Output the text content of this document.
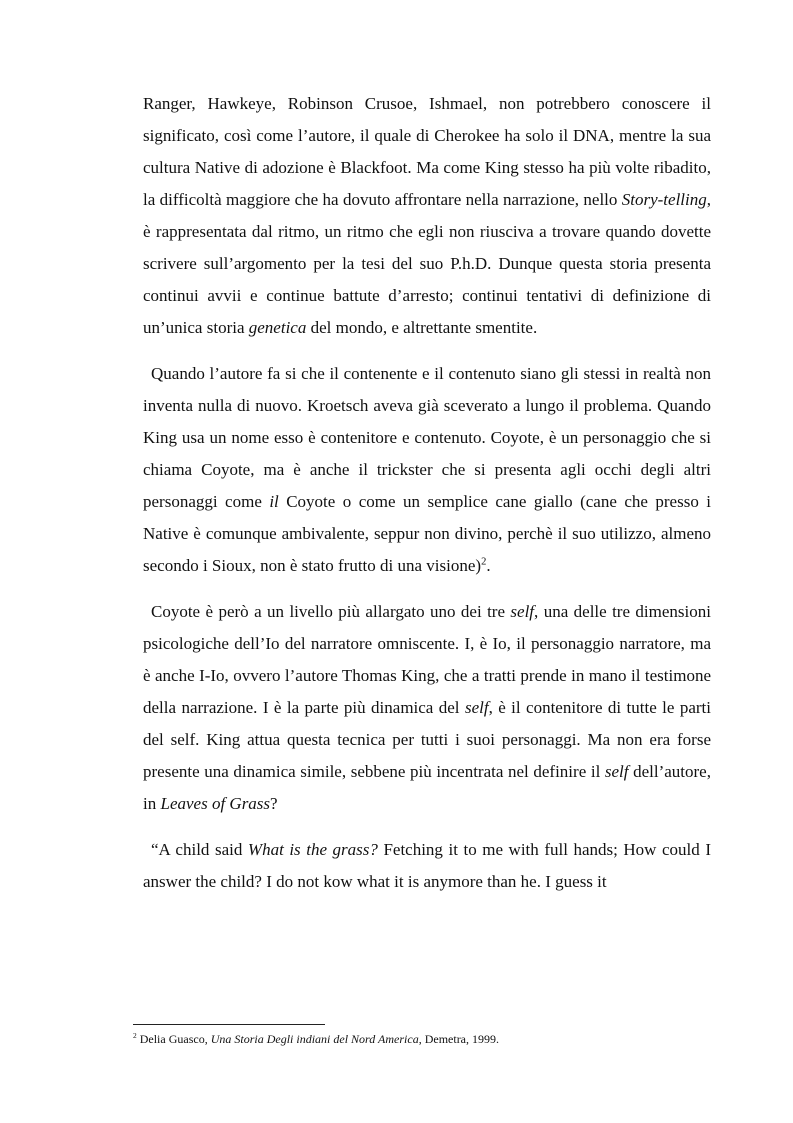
Ranger, Hawkeye, Robinson Crusoe, Ishmael, non potrebbero conoscere il significato, così come l’autore, il quale di Cherokee ha solo il DNA, mentre la sua cultura Native di adozione è Blackfoot. Ma come King stesso ha più volte ribadito, la difficoltà maggiore che ha dovuto affrontare nella narrazione, nello Story-telling, è rappresentata dal ritmo, un ritmo che egli non riusciva a trovare quando dovette scrivere sull’argomento per la tesi del suo P.h.D. Dunque questa storia presenta continui avvii e continue battute d’arresto; continui tentativi di definizione di un’unica storia genetica del mondo, e altrettante smentite.

Quando l’autore fa si che il contenente e il contenuto siano gli stessi in realtà non inventa nulla di nuovo. Kroetsch aveva già sceverato a lungo il problema. Quando King usa un nome esso è contenitore e contenuto. Coyote, è un personaggio che si chiama Coyote, ma è anche il trickster che si presenta agli occhi degli altri personaggi come il Coyote o come un semplice cane giallo (cane che presso i Native è comunque ambivalente, seppur non divino, perchè il suo utilizzo, almeno secondo i Sioux, non è stato frutto di una visione)$^2$.

Coyote è però a un livello più allargato uno dei tre self, una delle tre dimensioni psicologiche dell’Io del narratore omniscente. I, è Io, il personaggio narratore, ma è anche I-Io, ovvero l’autore Thomas King, che a tratti prende in mano il testimone della narrazione. I è la parte più dinamica del self, è il contenitore di tutte le parti del self. King attua questa tecnica per tutti i suoi personaggi. Ma non era forse presente una dinamica simile, sebbene più incentrata nel definire il self dell’autore, in Leaves of Grass?

“A child said What is the grass? Fetching it to me with full hands; How could I answer the child? I do not kow what it is anymore than he. I guess it

$^2$ Delia Guasco, Una Storia Degli indiani del Nord America, Demetra, 1999.
